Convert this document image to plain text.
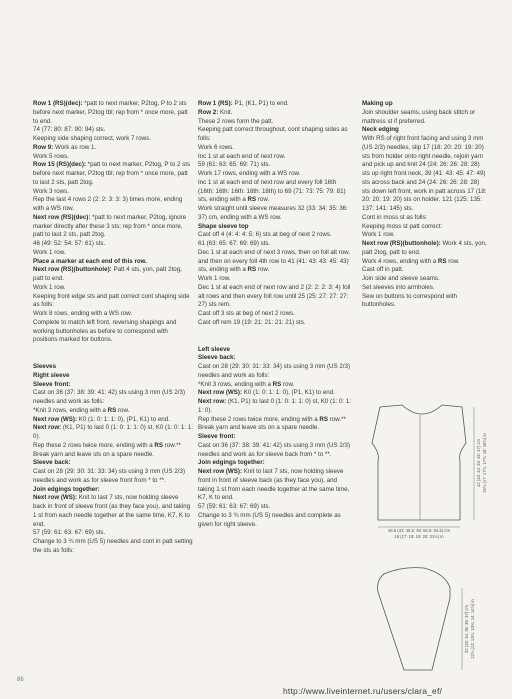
Row 1 (RS)(dec): *patt to next marker, P2tog, P to 2 sts before next marker, P2tog tbl; rep from * once more, patt to end.

74 (77: 80: 87: 90: 94) sts.

Keeping side shaping correct, work 7 rows.

Row 9: Work as row 1.

Work 5 rows.

Row 15 (RS)(dec): *patt to next marker, P2tog, P to 2 sts before next marker, P2tog tbl; rep from * once more, patt to last 2 sts, patt 2tog.

Work 3 rows.

Rep the last 4 rows 2 (2: 2: 3: 3: 3) times more, ending with a WS row.

Next row (RS)(dec): *patt to next marker, P2tog, ignore marker directly after these 3 sts; rep from * once more, patt to last 2 sts, patt 2tog.

46 (49: 52: 54: 57: 61) sts.

Work 1 row.

Place a marker at each end of this row.

Next row (RS)(buttonhole): Patt 4 sts, yon, patt 2tog, patt to end.

Work 1 row.

Keeping front edge sts and patt correct cont shaping side as folls:

Work 8 rows, ending with a WS row.

Complete to match left front, reversing shapings and working buttonholes as before to correspond with positions marked for buttons.

Sleeves

Right sleeve

Sleeve front:

Cast on 36 (37: 38: 39: 41: 42) sts using 3 mm (US 2/3) needles and work as folls:

*Knit 3 rows, ending with a RS row.

Next row (WS): K0 (1: 0: 1: 1: 0), (P1, K1) to end.

Next row: (K1, P1) to last 0 (1: 0: 1: 1: 0) st, K0 (1: 0: 1: 1: 0).

Rep these 2 rows twice more, ending with a RS row.**

Break yarn and leave sts on a spare needle.

Sleeve back:

Cast on 28 (29: 30: 31: 33: 34) sts using 3 mm (US 2/3) needles and work as for sleeve front from * to **.

Join edgings together:

Next row (WS): Knit to last 7 sts, now holding sleeve back in front of sleeve front (as they face you), and taking 1 st from each needle together at the same time, K7, K to end.

57 (59: 61: 63: 67: 69) sts.

Change to 3 ¾ mm (US 5) needles and cont in patt setting the sts as folls:

Row 1 (RS): P1, (K1, P1) to end.

Row 2: Knit.

These 2 rows form the patt.

Keeping patt correct throughout, cont shaping sides as folls:

Work 6 rows.

Inc 1 st at each end of next row.

59 (61: 63: 65: 69: 71) sts.

Work 17 rows, ending with a WS row.

Inc 1 st at each end of next row and every foll 16th (16th: 16th: 16th: 18th: 18th) to 69 (71: 73: 75: 79: 81) sts, ending with a RS row.

Work straight until sleeve measures 32 (33: 34: 35: 36: 37) cm, ending with a WS row.

Shape sleeve top

Cast off 4 (4: 4: 4: 5: 6) sts at beg of next 2 rows.

61 (63: 65: 67: 69: 69) sts.

Dec 1 st at each end of next 3 rows, then on foll alt row, and then on every foll 4th row to 41 (41: 43: 43: 45: 43) sts, ending with a RS row.

Work 1 row.

Dec 1 st at each end of next row and 2 (2: 2: 2: 3: 4) foll alt rows and then every foll row until 25 (25: 27: 27: 27: 27) sts rem.

Cast off 3 sts at beg of next 2 rows.

Cast off rem 19 (19: 21: 21: 21: 21) sts.

Left sleeve

Sleeve back:

Cast on 28 (29: 30: 31: 33: 34) sts using 3 mm (US 2/3) needles and work as folls:

*Knit 3 rows, ending with a RS row.

Next row (WS): K0 (1: 0: 1: 1: 0), (P1, K1) to end.

Next row: (K1, P1) to last 0 (1: 0: 1: 1: 0) st, K0 (1: 0: 1: 1: 0).

Rep these 2 rows twice more, ending with a RS row.**

Break yarn and leave sts on a spare needle.

Sleeve front:

Cast on 36 (37: 38: 39: 41: 42) sts using 3 mm (US 2/3) needles and work as for sleeve back from * to **.

Join edgings together:

Next row (WS): Knit to last 7 sts, now holding sleeve front in front of sleeve back (as they face you), and taking 1 st from each needle together at the same time, K7, K to end.

57 (59: 61: 63: 67: 69) sts.

Change to 3 ¾ mm (US 5) needles and complete as given for right sleeve.

Making up

Join shoulder seams, using back stitch or mattress st if preferred.

Neck edging

With RS of right front facing and using 3 mm (US 2/3) needles, slip 17 (18: 20: 20: 19: 20) sts from holder onto right needle, rejoin yarn and pick up and knit 24 (24: 26: 26: 28: 28) sts up right front neck, 39 (41: 43: 45: 47: 49) sts across back and 24 (24: 26: 26: 28: 28) sts down left front, work in patt across 17 (18: 20: 20: 19: 20) sts on holder. 121 (125: 135: 137: 141: 145) sts.

Cont in moss st as folls:

Keeping moss st patt correct:

Work 1 row.

Next row (RS)(buttonhole): Work 4 sts, yon, patt 2tog, patt to end.

Work 4 rows, ending with a RS row.

Cast off in patt.

Join side and sleeve seams.

Set sleeves into armholes.

Sew on buttons to correspond with buttonholes.

42 (43: 44: 45: 46: 47) cm 16½ (17: 17½: 17¾: 18: 18½) in
46.5 (43: 45.5: 48: 50.5: 54.5) cm
16 (17: 18: 19: 20: 21½) in
32 (33: 34: 35: 36: 37) cm 12½ (13: 13½: 13¾: 14: 14½) in
86
http://www.liveinternet.ru/users/clara_ef/
